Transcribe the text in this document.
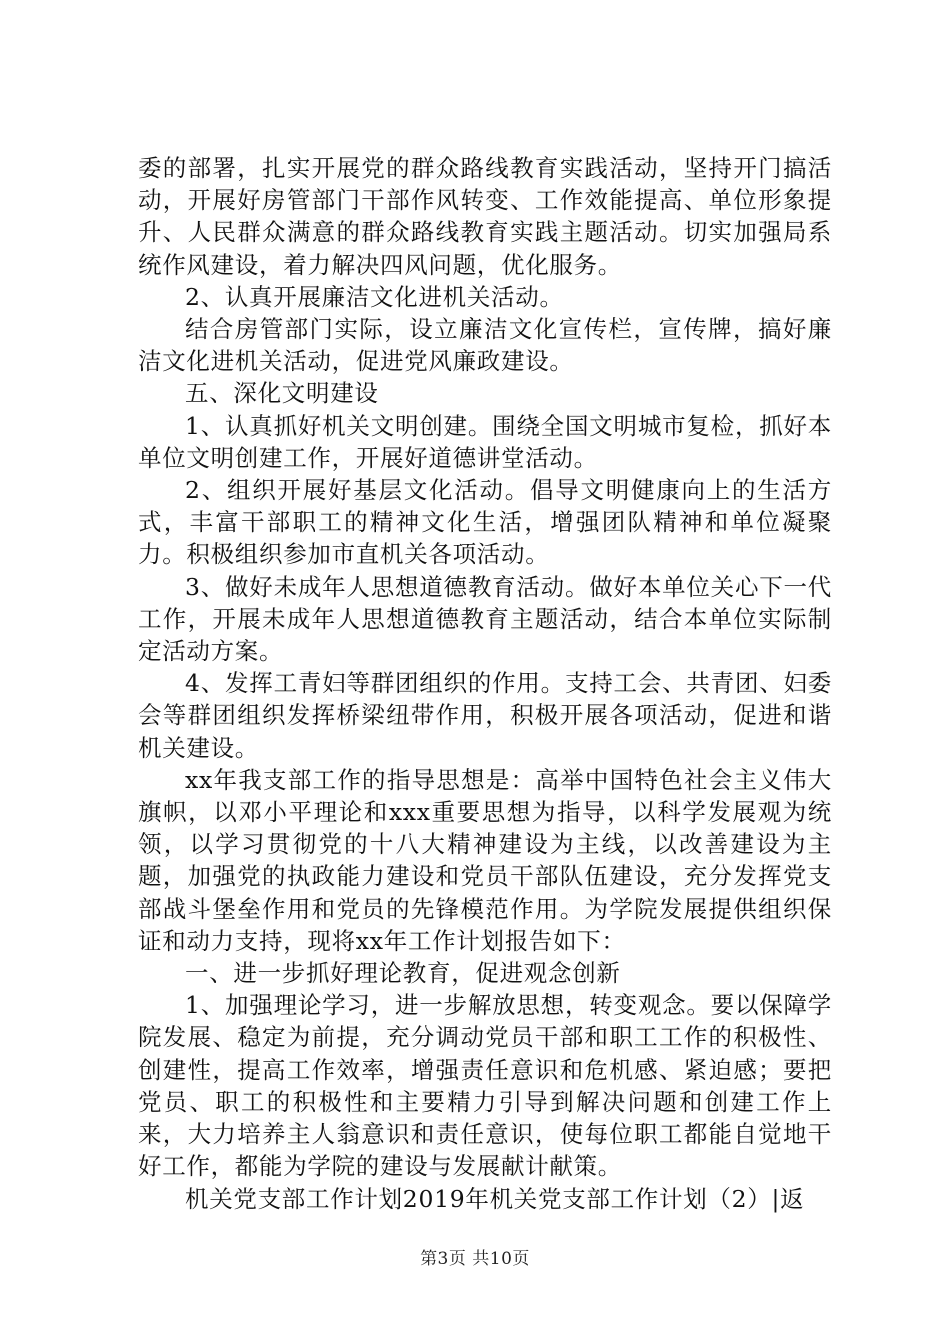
委的部署，扎实开展党的群众路线教育实践活动，坚持开门搞活动，开展好房管部门干部作风转变、工作效能提高、单位形象提升、人民群众满意的群众路线教育实践主题活动。切实加强局系统作风建设，着力解决四风问题，优化服务。

2、认真开展廉洁文化进机关活动。

结合房管部门实际，设立廉洁文化宣传栏，宣传牌，搞好廉洁文化进机关活动，促进党风廉政建设。

五、深化文明建设

1、认真抓好机关文明创建。围绕全国文明城市复检，抓好本单位文明创建工作，开展好道德讲堂活动。

2、组织开展好基层文化活动。倡导文明健康向上的生活方式，丰富干部职工的精神文化生活，增强团队精神和单位凝聚力。积极组织参加市直机关各项活动。

3、做好未成年人思想道德教育活动。做好本单位关心下一代工作，开展未成年人思想道德教育主题活动，结合本单位实际制定活动方案。

4、发挥工青妇等群团组织的作用。支持工会、共青团、妇委会等群团组织发挥桥梁纽带作用，积极开展各项活动，促进和谐机关建设。

xx年我支部工作的指导思想是：高举中国特色社会主义伟大旗帜，以邓小平理论和xxx重要思想为指导，以科学发展观为统领，以学习贯彻党的十八大精神建设为主线，以改善建设为主题，加强党的执政能力建设和党员干部队伍建设，充分发挥党支部战斗堡垒作用和党员的先锋模范作用。为学院发展提供组织保证和动力支持，现将xx年工作计划报告如下：

一、进一步抓好理论教育，促进观念创新

1、加强理论学习，进一步解放思想，转变观念。要以保障学院发展、稳定为前提，充分调动党员干部和职工工作的积极性、创建性，提高工作效率，增强责任意识和危机感、紧迫感；要把党员、职工的积极性和主要精力引导到解决问题和创建工作上来，大力培养主人翁意识和责任意识，使每位职工都能自觉地干好工作，都能为学院的建设与发展献计献策。

机关党支部工作计划2019年机关党支部工作计划（2）|返

第3页 共10页
